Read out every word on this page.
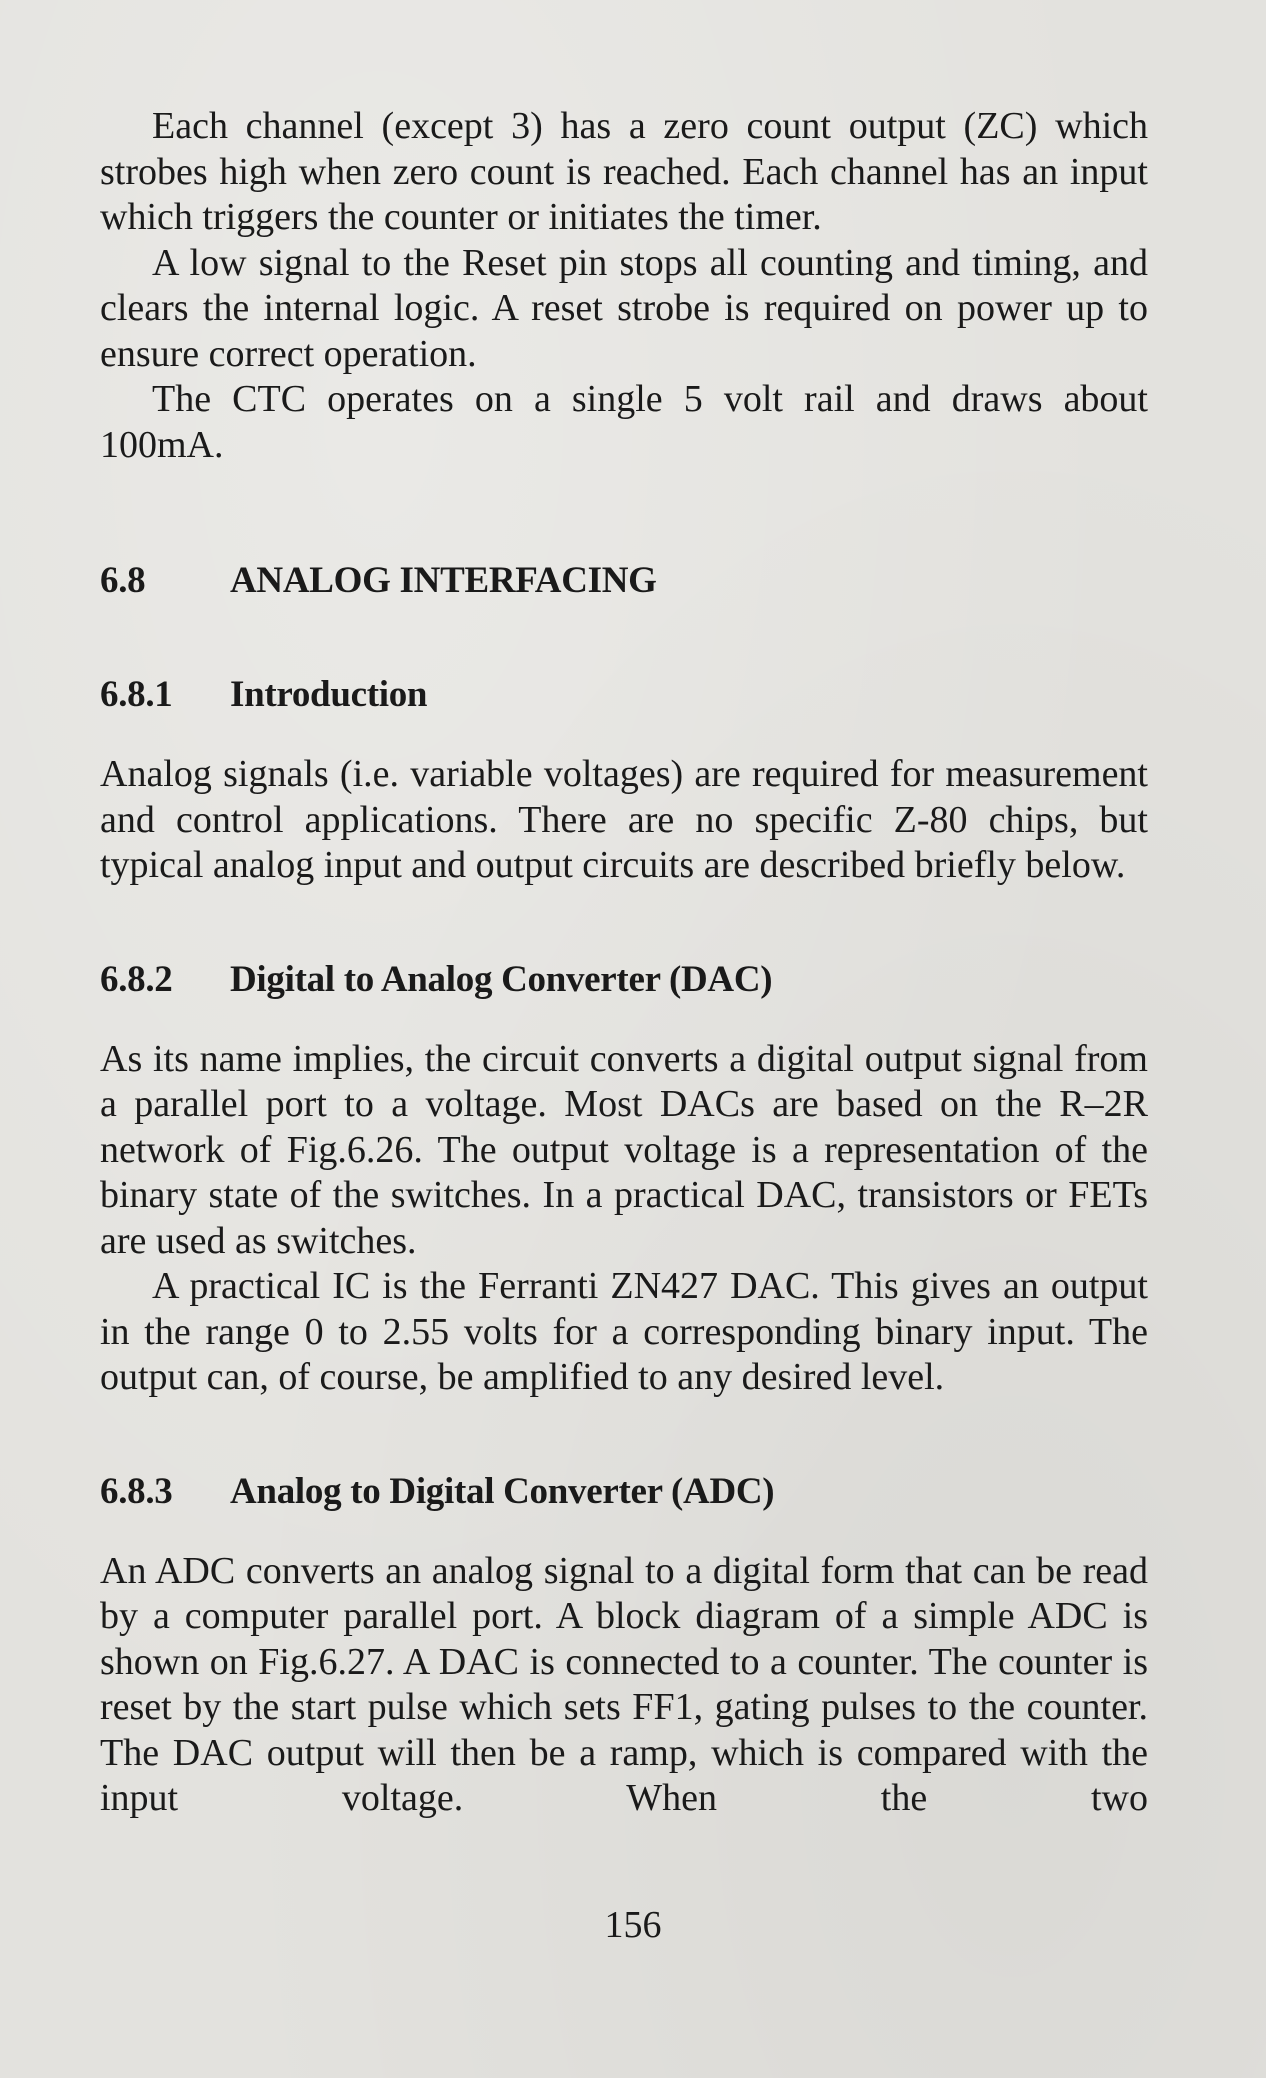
Each channel (except 3) has a zero count output (ZC) which strobes high when zero count is reached. Each channel has an input which triggers the counter or initiates the timer.

A low signal to the Reset pin stops all counting and timing, and clears the internal logic. A reset strobe is required on power up to ensure correct operation.

The CTC operates on a single 5 volt rail and draws about 100mA.

6.8 ANALOG INTERFACING
6.8.1 Introduction

Analog signals (i.e. variable voltages) are required for measurement and control applications. There are no specific Z-80 chips, but typical analog input and output circuits are described briefly below.

6.8.2 Digital to Analog Converter (DAC)

As its name implies, the circuit converts a digital output signal from a parallel port to a voltage. Most DACs are based on the R–2R network of Fig.6.26. The output voltage is a representation of the binary state of the switches. In a practical DAC, transistors or FETs are used as switches.

A practical IC is the Ferranti ZN427 DAC. This gives an output in the range 0 to 2.55 volts for a corresponding binary input. The output can, of course, be amplified to any desired level.

6.8.3 Analog to Digital Converter (ADC)

An ADC converts an analog signal to a digital form that can be read by a computer parallel port. A block diagram of a simple ADC is shown on Fig.6.27. A DAC is connected to a counter. The counter is reset by the start pulse which sets FF1, gating pulses to the counter. The DAC output will then be a ramp, which is compared with the input voltage. When the two

156
